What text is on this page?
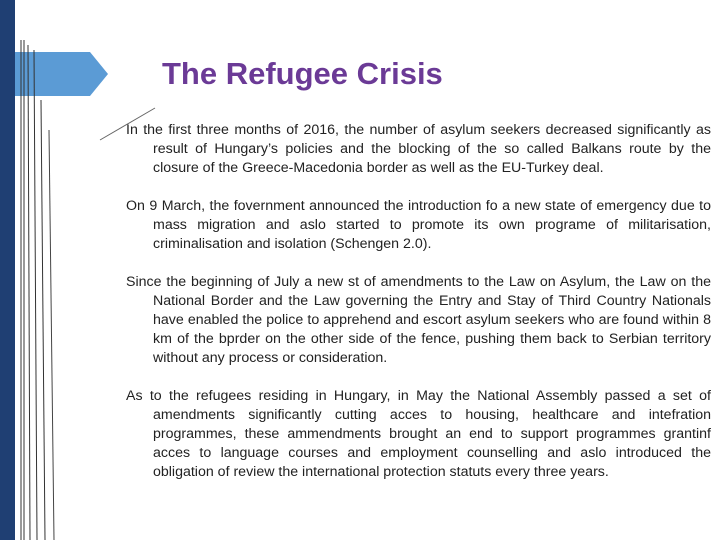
The Refugee Crisis

In the first three months of 2016, the number of asylum seekers decreased significantly as result of Hungary’s policies and the blocking of the so called Balkans route by the closure of the Greece-Macedonia border as well as the EU-Turkey deal.

On 9 March, the fovernment announced the introduction fo a new state of emergency due to mass migration and aslo started to promote its own programe of militarisation, criminalisation and isolation (Schengen 2.0).

Since the beginning of July a new st of amendments to the Law on Asylum, the Law on the National Border and the Law governing the Entry and Stay of Third Country Nationals have enabled the police to apprehend and escort asylum seekers who are found within 8 km of the bprder on the other side of the fence, pushing them back to Serbian territory without any process or consideration.

As to the refugees residing in Hungary, in May the National Assembly passed a set of amendments significantly cutting acces to housing, healthcare and intefration programmes, these ammendments brought an end to support programmes grantinf acces to language courses and employment counselling and aslo introduced the obligation of review the international protection statuts every three years.
